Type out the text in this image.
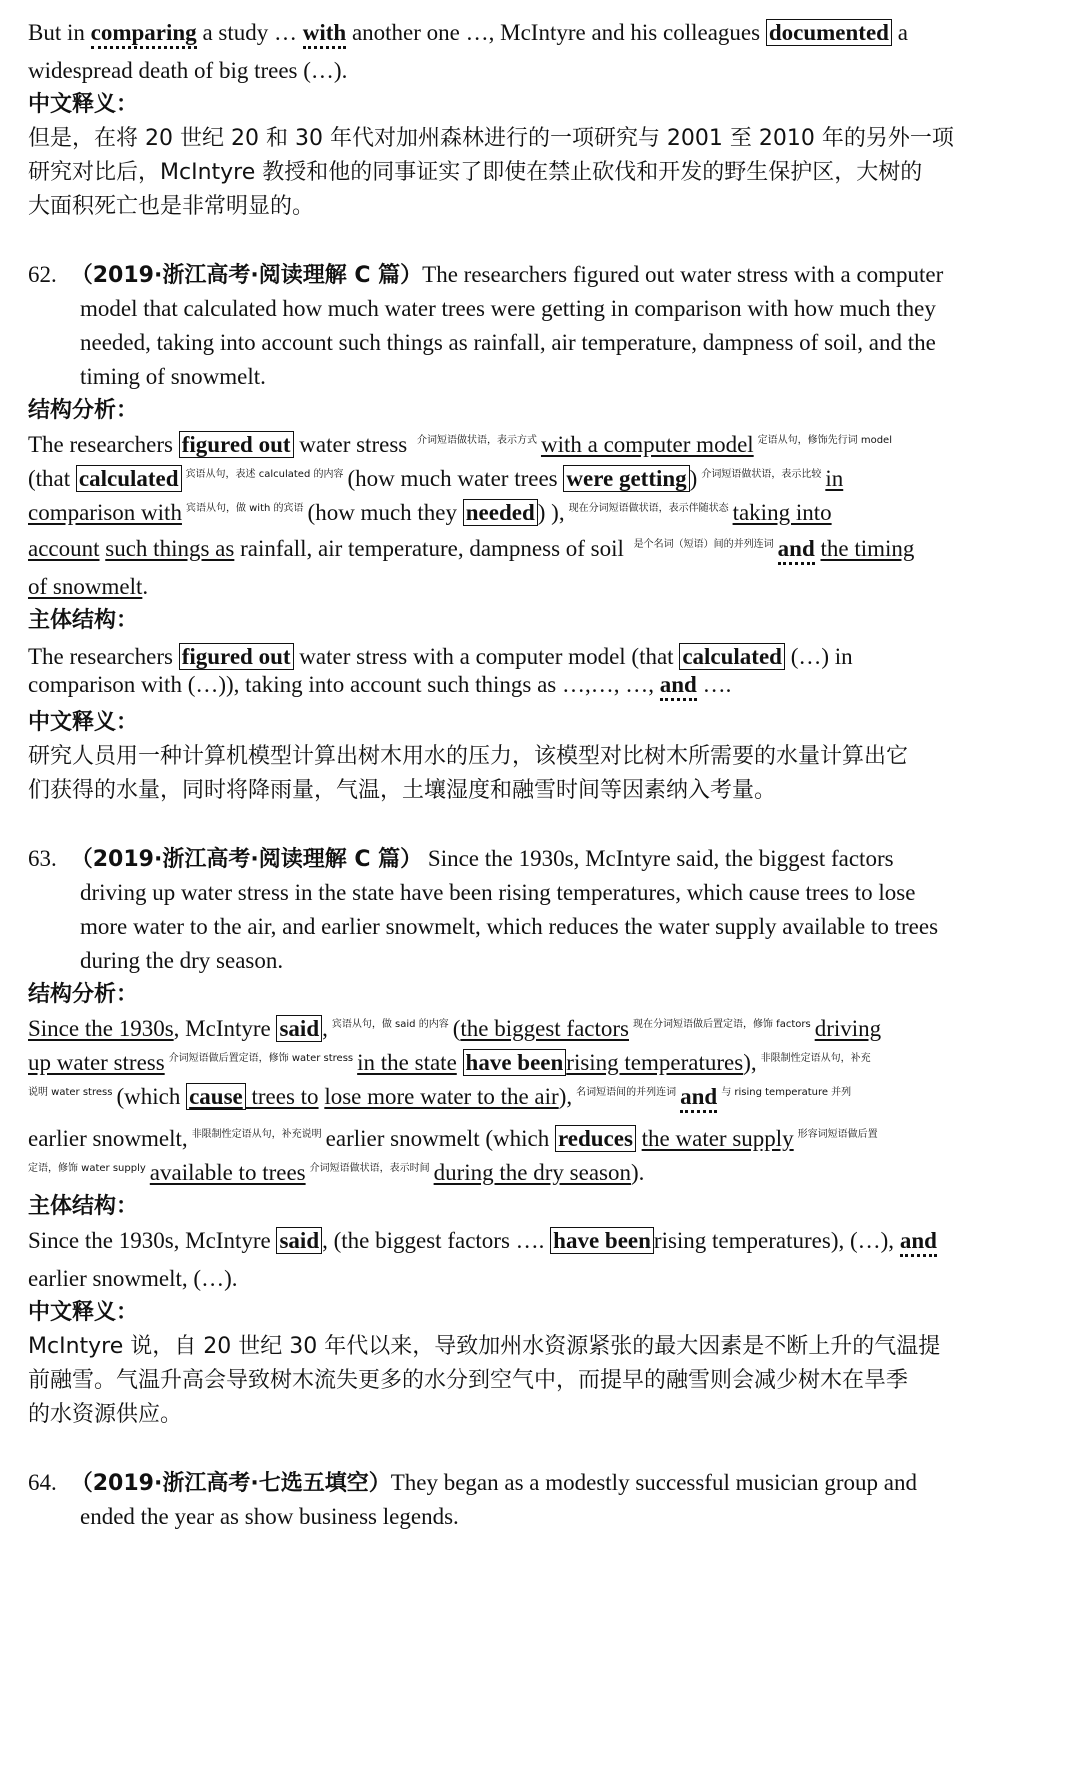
But in comparing a study … with another one …, McIntyre and his colleagues documented a
widespread death of big trees (…).
中文释义：
但是，在将 20 世纪 20 和 30 年代对加州森林进行的一项研究与 2001 至 2010 年的另外一项
研究对比后，McIntyre 教授和他的同事证实了即使在禁止砍伐和开发的野生保护区，大树的
大面积死亡也是非常明显的。
62. （2019·浙江高考·阅读理解 C 篇）The researchers figured out water stress with a computer
model that calculated how much water trees were getting in comparison with how much they
needed, taking into account such things as rainfall, air temperature, dampness of soil, and the
timing of snowmelt.
结构分析：
The researchers figured out water stress $^{介词短语做状语,表示方式}$ with a computer model $^{定语从句,修饰先行词 model}$
(that calculated $^{宾语从句,表述 calculated 的内容}$ (how much water trees were getting ) $^{介词短语做状语,表示比较}$ in
comparison with $^{宾语从句,做 with 的宾语}$ (how much they needed ) ), $^{现在分词短语做状语,表示伴随状态}$ taking into
account such things as rainfall, air temperature, dampness of soil $^{是个名词(短语)间的并列连词}$ and the timing
of snowmelt.
主体结构：
The researchers figured out water stress with a computer model (that calculated (…) in
comparison with (…)), taking into account such things as …,…, …, and ….
中文释义：
研究人员用一种计算机模型计算出树木用水的压力，该模型对比树木所需要的水量计算出它
们获得的水量，同时将降雨量，气温，土壤湿度和融雪时间等因素纳入考量。
63. （2019·浙江高考·阅读理解 C 篇） Since the 1930s, McIntyre said, the biggest factors
driving up water stress in the state have been rising temperatures, which cause trees to lose
more water to the air, and earlier snowmelt, which reduces the water supply available to trees
during the dry season.
结构分析：
Since the 1930s, McIntyre said , $^{宾语从句,做 said 的内容}$ (the biggest factors $^{现在分词短语做后置定语,修饰 factors}$ driving
up water stress $^{介词短语做后置定语,修饰 water stress}$ in the state have been rising temperatures), $^{非限制性定语从句,补充}$
$^{说明 water stress}$ (which cause trees to lose more water to the air), $^{名词短语间的并列连词}$ and $^{与 rising temperature 并列}$
earlier snowmelt, $^{非限制性定语从句,补充说明}$ earlier snowmelt (which reduces the water supply $^{形容词短语做后置}$
$^{定语,修饰 water supply}$ available to trees $^{介词短语做状语,表示时间}$ during the dry season).
主体结构：
Since the 1930s, McIntyre said , (the biggest factors …. have been rising temperatures), (…), and
earlier snowmelt, (…).
中文释义：
McIntyre 说，自 20 世纪 30 年代以来，导致加州水资源紧张的最大因素是不断上升的气温提
前融雪。气温升高会导致树木流失更多的水分到空气中，而提早的融雪则会减少树木在旱季
的水资源供应。
64. （2019·浙江高考·七选五填空）They began as a modestly successful musician group and
ended the year as show business legends.
